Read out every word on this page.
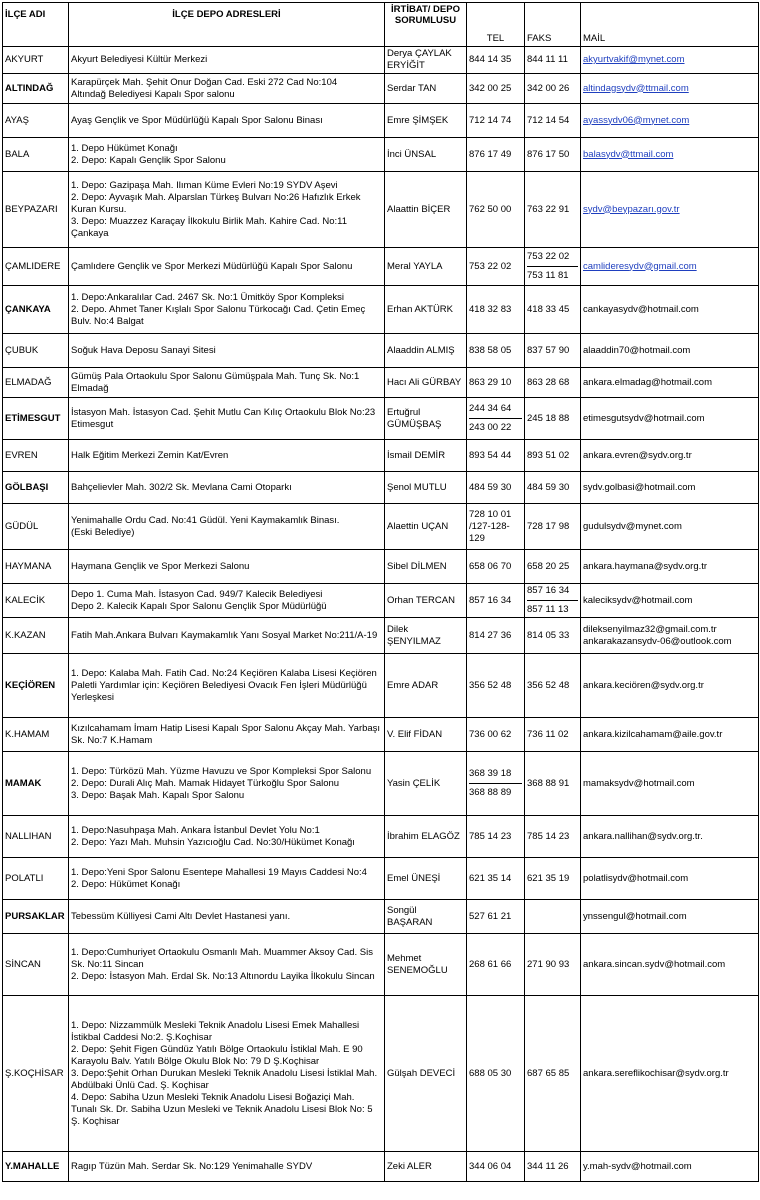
İLÇE ADI	İLÇE DEPO ADRESLERİ	İRTİBAT/ DEPO SORUMLUSU	TEL	FAKS	MAİL
AKYURT	Akyurt Belediyesi Kültür Merkezi	Derya ÇAYLAK ERYİĞİT	844 14 35	844 11 11	akyurtvakif@mynet.com

ALTINDAĞ	Karapürçek Mah. Şehit Onur Doğan Cad. Eski 272 Cad No:104
Altındağ Belediyesi Kapalı Spor salonu	Serdar TAN	342 00 25	342 00 26	altindagsydv@ttmail.com

AYAŞ	Ayaş Gençlik ve Spor Müdürlüğü Kapalı Spor Salonu Binası	Emre ŞİMŞEK	712 14 74	712 14 54	ayassydv06@mynet.com

BALA	1. Depo Hükümet Konağı
2. Depo: Kapalı Gençlik Spor Salonu	İnci ÜNSAL	876 17 49	876 17 50	balasydv@ttmail.com

BEYPAZARI	1. Depo: Gazipaşa Mah. Ilıman Küme Evleri No:19 SYDV Aşevi
2. Depo: Ayvaşık Mah. Alparslan Türkeş Bulvarı No:26 Hafızlık Erkek Kuran Kursu.
3. Depo: Muazzez Karaçay İlkokulu Birlik Mah. Kahire Cad. No:11 Çankaya	Alaattin BİÇER	762 50 00	763 22 91	sydv@beypazarı.gov.tr

ÇAMLIDERE	Çamlıdere Gençlik ve Spor Merkezi Müdürlüğü Kapalı Spor Salonu	Meral YAYLA	753 22 02	753 22 02
753 11 81	camlideresydv@gmail.com

ÇANKAYA	1. Depo:Ankaralılar Cad. 2467 Sk. No:1 Ümitköy Spor Kompleksi
2. Depo. Ahmet Taner Kışlalı Spor Salonu Türkocağı Cad. Çetin Emeç Bulv. No:4 Balgat	Erhan AKTÜRK	418 32 83	418 33 45	cankayasydv@hotmail.com

ÇUBUK	Soğuk Hava Deposu Sanayi Sitesi	Alaaddin ALMIŞ	838 58 05	837 57 90	alaaddin70@hotmail.com

ELMADAĞ	Gümüş Pala Ortaokulu Spor Salonu Gümüşpala Mah. Tunç Sk. No:1 Elmadağ	Hacı Ali GÜRBAY	863 29 10	863 28 68	ankara.elmadag@hotmail.com

ETİMESGUT	İstasyon Mah. İstasyon Cad. Şehit Mutlu Can Kılıç Ortaokulu Blok No:23 Etimesgut	Ertuğrul GÜMÜŞBAŞ	244 34 64
243 00 22	245 18 88	etimesgutsydv@hotmail.com

EVREN	Halk Eğitim Merkezi Zemin Kat/Evren	İsmail DEMİR	893 54 44	893 51 02	ankara.evren@sydv.org.tr

GÖLBAŞI	Bahçelievler Mah. 302/2 Sk. Mevlana Cami Otoparkı	Şenol MUTLU	484 59 30	484 59 30	sydv.golbasi@hotmail.com

GÜDÜL	Yenimahalle Ordu Cad. No:41 Güdül. Yeni Kaymakamlık Binası.
(Eski Belediye)	Alaettin UÇAN	728 10 01
/127-128-
129	728 17 98	gudulsydv@mynet.com

HAYMANA	Haymana Gençlik ve Spor Merkezi Salonu	Sibel DİLMEN	658 06 70	658 20 25	ankara.haymana@sydv.org.tr

KALECİK	Depo 1. Cuma Mah. İstasyon Cad. 949/7 Kalecik Belediyesi
Depo 2. Kalecik Kapalı Spor Salonu Gençlik Spor Müdürlüğü	Orhan TERCAN	857 16 34	857 16 34
857 11 13	kaleciksydv@hotmail.com

K.KAZAN	Fatih Mah.Ankara Bulvarı Kaymakamlık Yanı Sosyal Market No:211/A-19	Dilek ŞENYILMAZ	814 27 36	814 05 33	dileksenyilmaz32@gmail.com.tr
ankarakazansydv-06@outlook.com

KEÇİÖREN	1. Depo: Kalaba Mah. Fatih Cad. No:24 Keçiören Kalaba Lisesi Keçiören
Paletli Yardımlar için: Keçiören Belediyesi Ovacık Fen İşleri Müdürlüğü Yerleşkesi	Emre ADAR	356 52 48	356 52 48	ankara.keciören@sydv.org.tr

K.HAMAM	Kızılcahamam İmam Hatip Lisesi Kapalı Spor Salonu Akçay Mah. Yarbaşı Sk. No:7 K.Hamam	V. Elif FİDAN	736 00 62	736 11 02	ankara.kizilcahamam@aile.gov.tr

MAMAK	1. Depo: Türközü Mah. Yüzme Havuzu ve Spor Kompleksi Spor Salonu
2. Depo: Durali Alıç Mah. Mamak Hidayet Türkoğlu Spor Salonu
3. Depo: Başak Mah. Kapalı Spor Salonu	Yasin ÇELİK	368 39 18
368 88 89	368 88 91	mamaksydv@hotmail.com

NALLIHAN	1. Depo:Nasuhpaşa Mah. Ankara İstanbul Devlet Yolu No:1
2. Depo: Yazı Mah. Muhsin Yazıcıoğlu Cad. No:30/Hükümet Konağı	İbrahim ELAGÖZ	785 14 23	785 14 23	ankara.nallihan@sydv.org.tr.

POLATLI	1. Depo:Yeni Spor Salonu Esentepe Mahallesi 19 Mayıs Caddesi No:4
2. Depo: Hükümet Konağı	Emel ÜNEŞİ	621 35 14	621 35 19	polatlisydv@hotmail.com

PURSAKLAR	Tebessüm Külliyesi Cami Altı Devlet Hastanesi yanı.	Songül BAŞARAN	527 61 21		ynssengul@hotmail.com

SİNCAN	1. Depo:Cumhuriyet Ortaokulu Osmanlı Mah. Muammer Aksoy Cad. Sis Sk. No:11 Sincan
2. Depo: İstasyon Mah. Erdal Sk. No:13 Altınordu Layika İlkokulu Sincan	Mehmet SENEMOĞLU	268 61 66	271 90 93	ankara.sincan.sydv@hotmail.com

Ş.KOÇHİSAR	1. Depo: Nizzammülk Mesleki Teknik Anadolu Lisesi Emek Mahallesi İstikbal Caddesi No:2. Ş.Koçhisar
2. Depo: Şehit Figen Gündüz Yatılı Bölge Ortaokulu İstiklal Mah. E 90 Karayolu Balv. Yatılı Bölge Okulu Blok No: 79 D Ş.Koçhisar
3. Depo:Şehit Orhan Durukan Mesleki Teknik Anadolu Lisesi İstiklal Mah. Abdülbaki Ünlü Cad. Ş. Koçhisar
4. Depo: Sabiha Uzun Mesleki Teknik Anadolu Lisesi Boğaziçi Mah. Tunalı Sk. Dr. Sabiha Uzun Mesleki ve Teknik Anadolu Lisesi Blok No: 5 Ş. Koçhisar	Gülşah DEVECİ	688 05 30	687 65 85	ankara.sereflikochisar@sydv.org.tr

Y.MAHALLE	Ragıp Tüzün Mah. Serdar Sk. No:129 Yenimahalle SYDV	Zeki ALER	344 06 04	344 11 26	y.mah-sydv@hotmail.com
